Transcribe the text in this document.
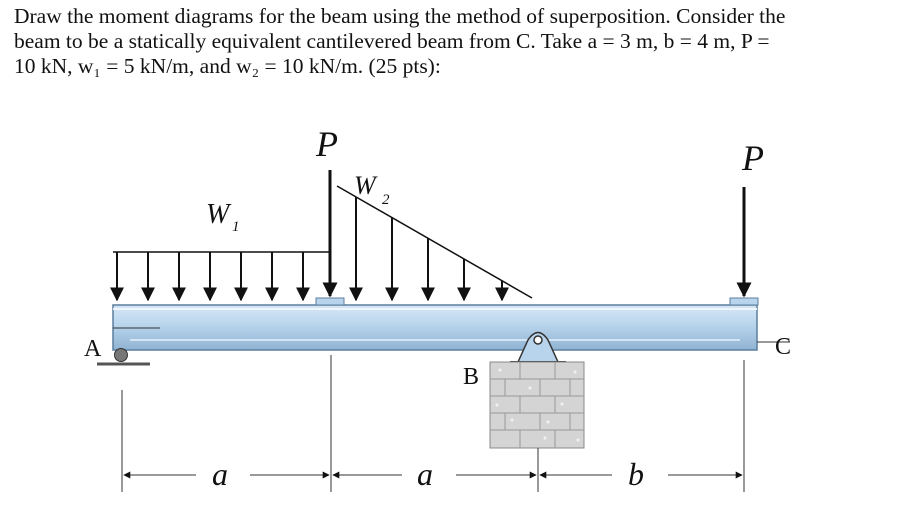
Draw the moment diagrams for the beam using the method of superposition. Consider the
beam to be a statically equivalent cantilevered beam from C. Take a = 3 m, b = 4 m, P =
10 kN, w₁ = 5 kN/m, and w₂ = 10 kN/m. (25 pts):
A
B
C
W 1
W 2
P	P
a	a	b
